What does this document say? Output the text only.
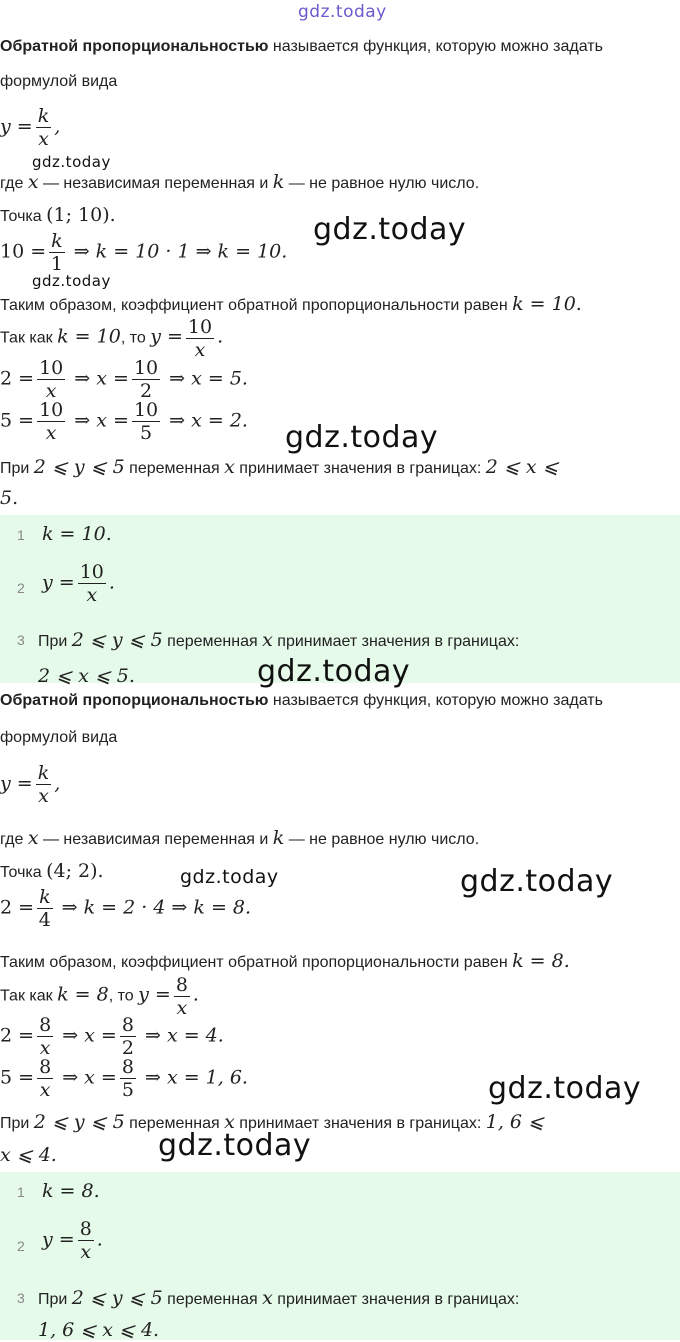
gdz.today
Обратной пропорциональностью называется функция, которую можно задать
формулой вида
$y = \frac{k}{x}$ ,
gdz.today
где x — независимая переменная и k — не равное нулю число.
Точка (1; 10).	gdz.today
$10 = \frac{k}{1}$ ⇒ k = 10 · 1 ⇒ k = 10.
gdz.today
Таким образом, коэффициент обратной пропорциональности равен k = 10.
Так как k = 10, то $y = \frac{10}{x}$ .
$2 = \frac{10}{x}$ ⇒ $x = \frac{10}{2}$ ⇒ x = 5.
$5 = \frac{10}{x}$ ⇒ $x = \frac{10}{5}$ ⇒ x = 2. gdz.today
При 2 ⩽ y ⩽ 5 переменная x принимает значения в границах: 2 ⩽ x ⩽
5.
1 k = 10.
2 $y = \frac{10}{x}$ .
3 При 2 ⩽ y ⩽ 5 переменная x принимает значения в границах:
2 ⩽ x ⩽ 5.	gdz.today
Обратной пропорциональностью называется функция, которую можно задать
формулой вида
$y = \frac{k}{x}$ ,
где x — независимая переменная и k — не равное нулю число.
Точка (4; 2).	gdz.today	gdz.today
$2 = \frac{k}{4}$ ⇒ k = 2 · 4 ⇒ k = 8.
Таким образом, коэффициент обратной пропорциональности равен k = 8.
Так как k = 8, то $y = \frac{8}{x}$ .
$2 = \frac{8}{x}$ ⇒ $x = \frac{8}{2}$ ⇒ x = 4.
$5 = \frac{8}{x}$ ⇒ $x = \frac{8}{5}$ ⇒ x = 1, 6.	gdz.today
При 2 ⩽ y ⩽ 5 переменная x принимает значения в границах: 1, 6 ⩽
x ⩽ 4.	gdz.today
1 k = 8.
2 $y = \frac{8}{x}$ .
3 При 2 ⩽ y ⩽ 5 переменная x принимает значения в границах:
1, 6 ⩽ x ⩽ 4.
